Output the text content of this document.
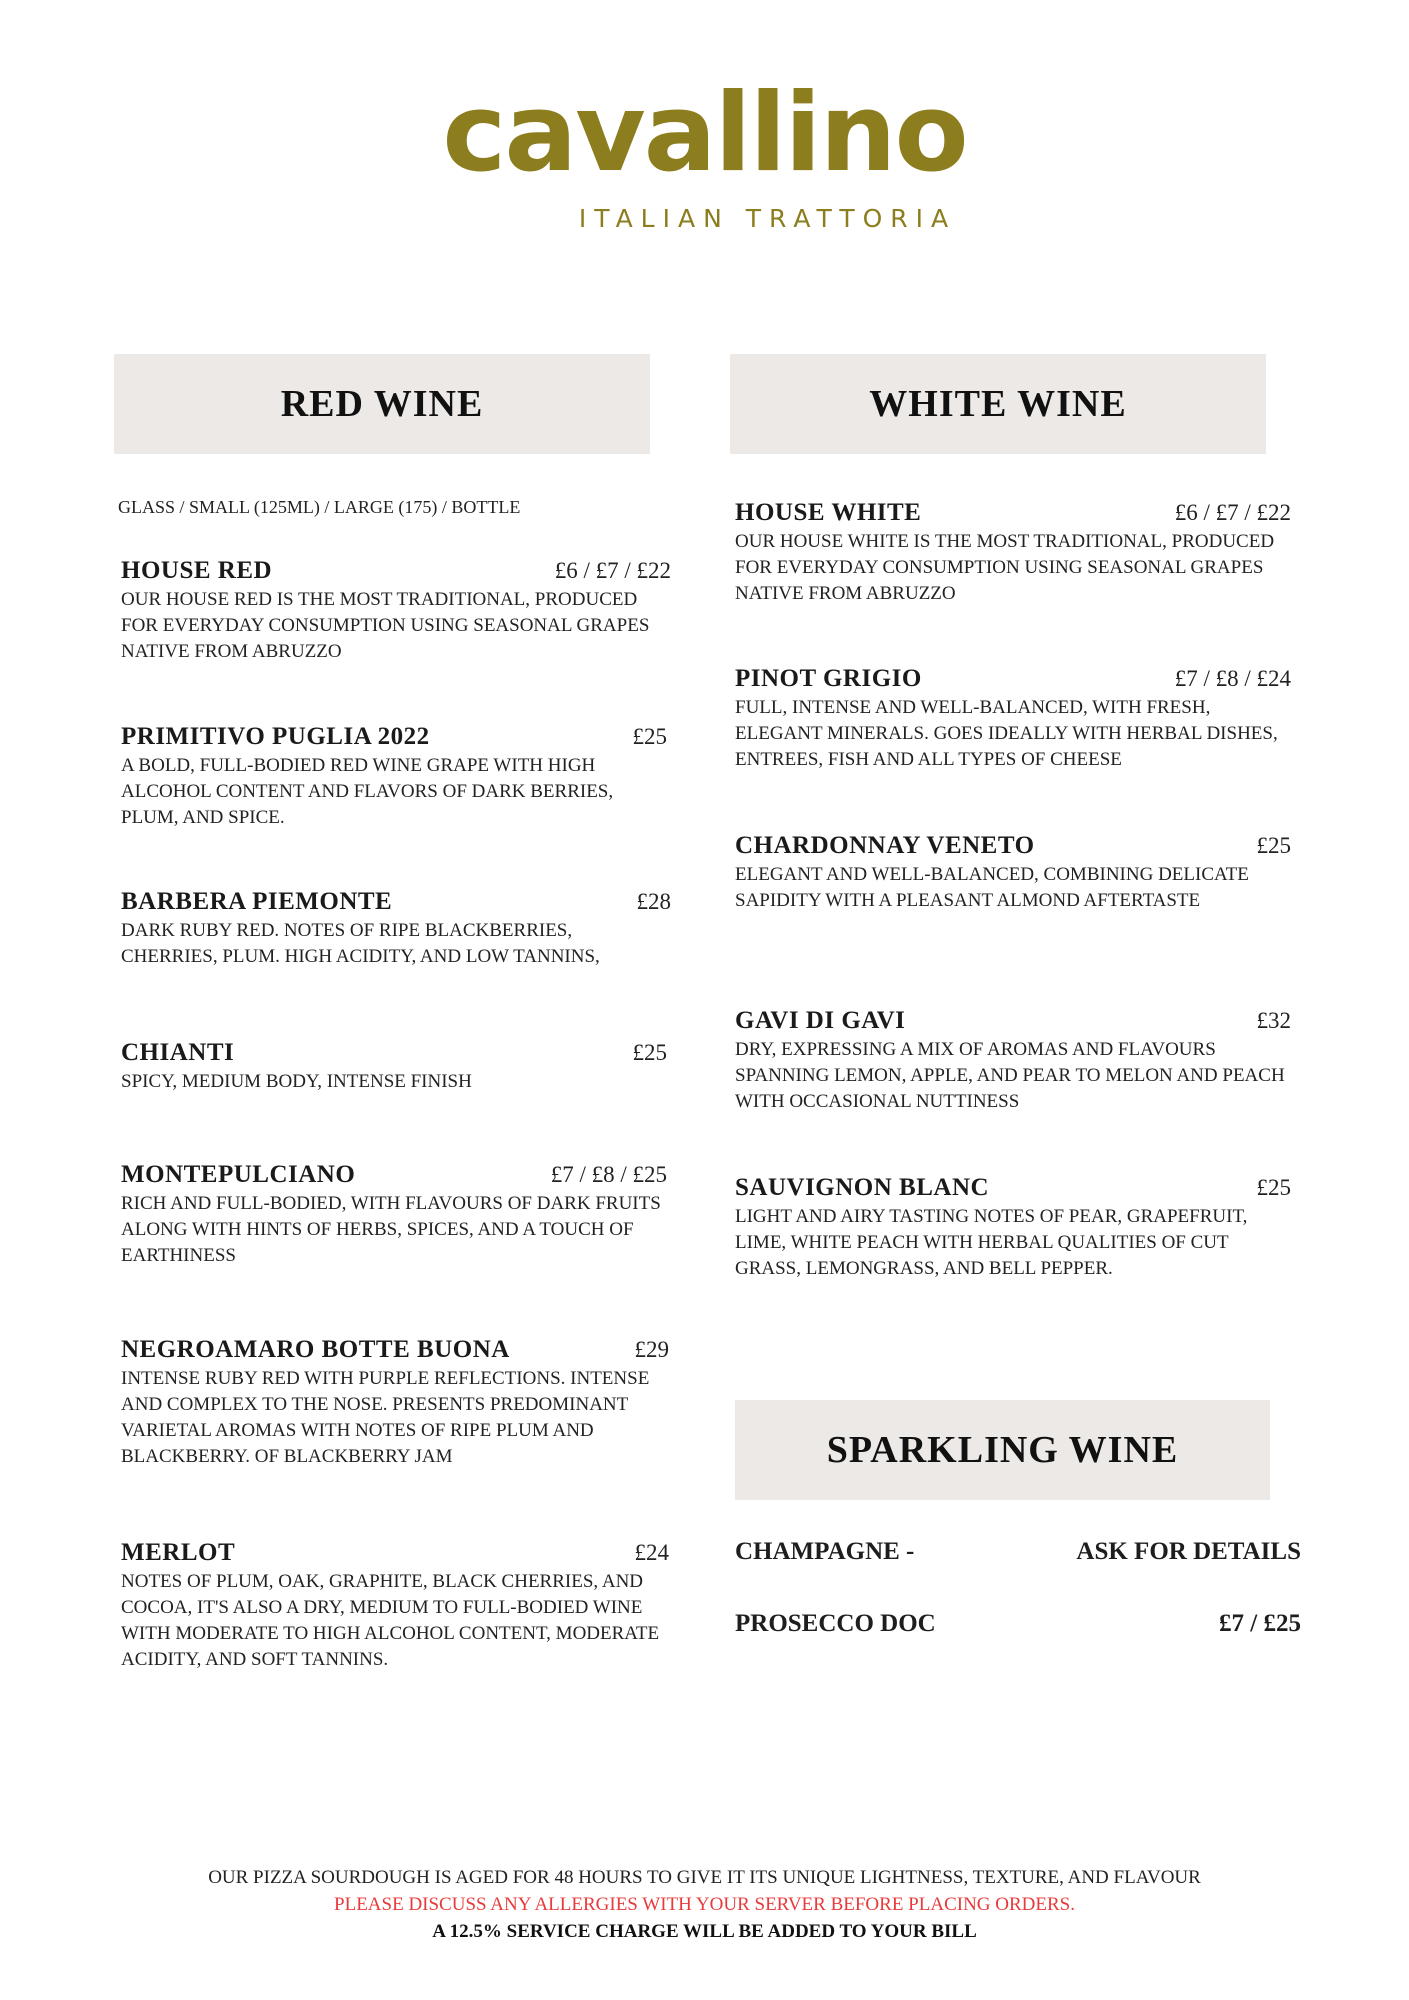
cavallino
ITALIAN TRATTORIA
RED WINE	WHITE WINE
SPARKLING WINE
GLASS / SMALL (125ML) / LARGE (175) / BOTTLE
HOUSE RED	£6 / £7 / £22
OUR HOUSE RED IS THE MOST TRADITIONAL, PRODUCED FOR EVERYDAY CONSUMPTION USING SEASONAL GRAPES NATIVE FROM ABRUZZO
PRIMITIVO PUGLIA 2022	£25
A BOLD, FULL-BODIED RED WINE GRAPE WITH HIGH ALCOHOL CONTENT AND FLAVORS OF DARK BERRIES, PLUM, AND SPICE.
BARBERA PIEMONTE	£28
DARK RUBY RED. NOTES OF RIPE BLACKBERRIES, CHERRIES, PLUM. HIGH ACIDITY, AND LOW TANNINS,
CHIANTI	£25
SPICY, MEDIUM BODY, INTENSE FINISH
MONTEPULCIANO	£7 / £8 / £25
RICH AND FULL-BODIED, WITH FLAVOURS OF DARK FRUITS ALONG WITH HINTS OF HERBS, SPICES, AND A TOUCH OF EARTHINESS
NEGROAMARO BOTTE BUONA	£29
INTENSE RUBY RED WITH PURPLE REFLECTIONS. INTENSE AND COMPLEX TO THE NOSE. PRESENTS PREDOMINANT VARIETAL AROMAS WITH NOTES OF RIPE PLUM AND BLACKBERRY. OF BLACKBERRY JAM
MERLOT	£24
NOTES OF PLUM, OAK, GRAPHITE, BLACK CHERRIES, AND COCOA, IT'S ALSO A DRY, MEDIUM TO FULL-BODIED WINE WITH MODERATE TO HIGH ALCOHOL CONTENT, MODERATE ACIDITY, AND SOFT TANNINS.
HOUSE WHITE	£6 / £7 / £22
OUR HOUSE WHITE IS THE MOST TRADITIONAL, PRODUCED FOR EVERYDAY CONSUMPTION USING SEASONAL GRAPES NATIVE FROM ABRUZZO
PINOT GRIGIO	£7 / £8 / £24
FULL, INTENSE AND WELL-BALANCED, WITH FRESH, ELEGANT MINERALS. GOES IDEALLY WITH HERBAL DISHES, ENTREES, FISH AND ALL TYPES OF CHEESE
CHARDONNAY VENETO	£25
ELEGANT AND WELL-BALANCED, COMBINING DELICATE SAPIDITY WITH A PLEASANT ALMOND AFTERTASTE
GAVI DI GAVI	£32
DRY, EXPRESSING A MIX OF AROMAS AND FLAVOURS SPANNING LEMON, APPLE, AND PEAR TO MELON AND PEACH WITH OCCASIONAL NUTTINESS
SAUVIGNON BLANC	£25
LIGHT AND AIRY TASTING NOTES OF PEAR, GRAPEFRUIT, LIME, WHITE PEACH WITH HERBAL QUALITIES OF CUT GRASS, LEMONGRASS, AND BELL PEPPER.
CHAMPAGNE -	ASK FOR DETAILS
PROSECCO DOC	£7 / £25
OUR PIZZA SOURDOUGH IS AGED FOR 48 HOURS TO GIVE IT ITS UNIQUE LIGHTNESS, TEXTURE, AND FLAVOUR
PLEASE DISCUSS ANY ALLERGIES WITH YOUR SERVER BEFORE PLACING ORDERS.
A 12.5% SERVICE CHARGE WILL BE ADDED TO YOUR BILL
